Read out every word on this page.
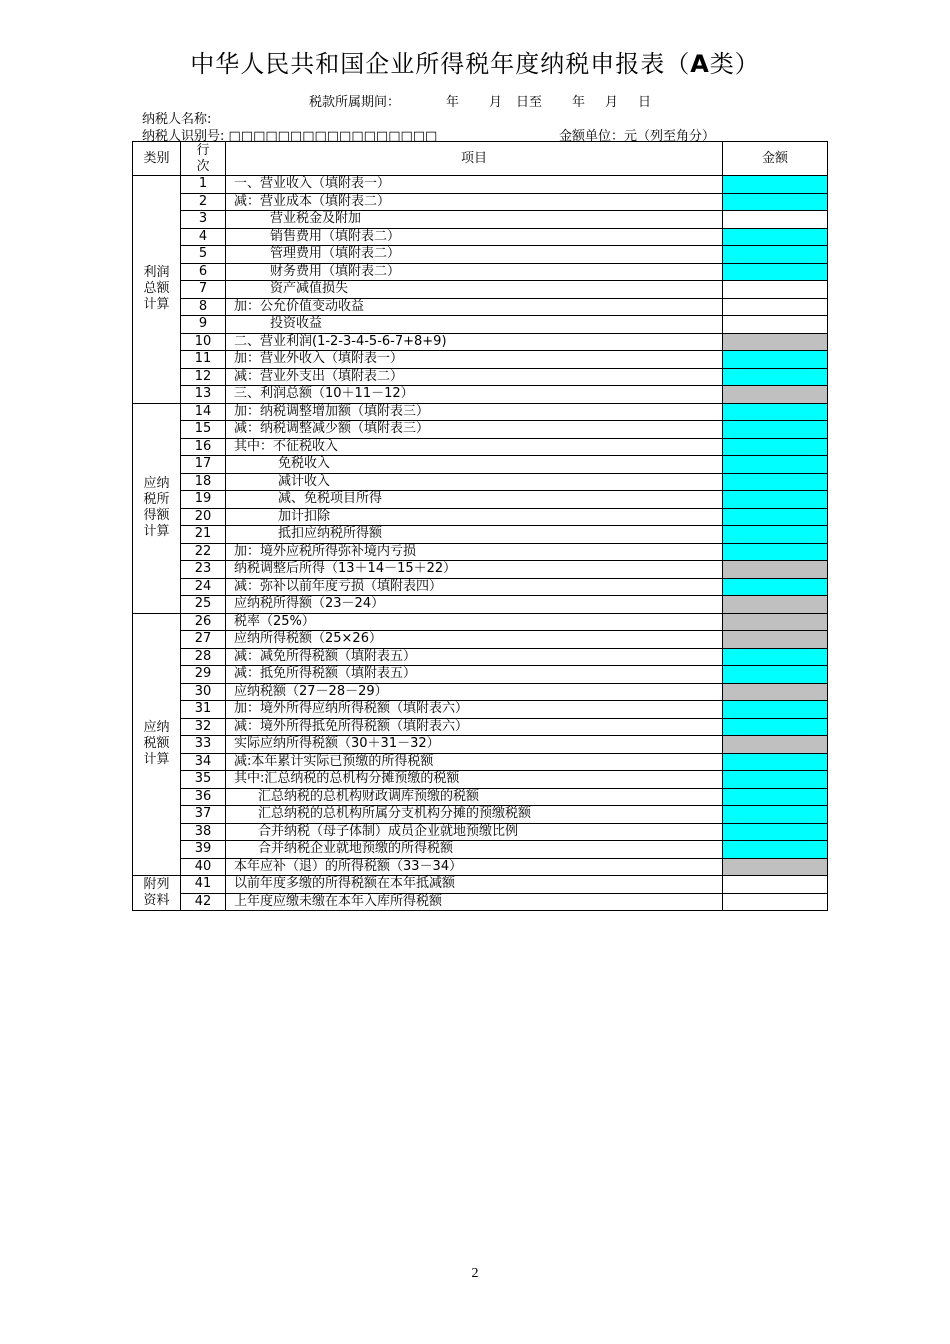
中华人民共和国企业所得税年度纳税申报表（A类）
税款所属期间：	年 月 日至 年 月 日
纳税人名称:
纳税人识别号: □□□□□□□□□□□□□□□□□	金额单位：元（列至角分）
类别	行次	项目	金额
利润
总额
计算	1	一、营业收入（填附表一）	
	2	减：营业成本（填附表二）	
	3	营业税金及附加	
	4	销售费用（填附表二）	
	5	管理费用（填附表二）	
	6	财务费用（填附表二）	
	7	资产减值损失	
	8	加：公允价值变动收益	
	9	投资收益	
	10	二、营业利润(1-2-3-4-5-6-7+8+9)	
	11	加：营业外收入（填附表一）	
	12	减：营业外支出（填附表二）	
	13	三、利润总额（10＋11－12）	
应纳
税所
得额
计算	14	加：纳税调整增加额（填附表三）	
	15	减：纳税调整减少额（填附表三）	
	16	其中：不征税收入	
	17	免税收入	
	18	减计收入	
	19	减、免税项目所得	
	20	加计扣除	
	21	抵扣应纳税所得额	
	22	加：境外应税所得弥补境内亏损	
	23	纳税调整后所得（13＋14－15＋22）	
	24	减：弥补以前年度亏损（填附表四）	
	25	应纳税所得额（23－24）	
应纳
税额
计算	26	税率（25%）	
	27	应纳所得税额（25×26）	
	28	减：减免所得税额（填附表五）	
	29	减：抵免所得税额（填附表五）	
	30	应纳税额（27－28－29）	
	31	加：境外所得应纳所得税额（填附表六）	
	32	减：境外所得抵免所得税额（填附表六）	
	33	实际应纳所得税额（30＋31－32）	
	34	减:本年累计实际已预缴的所得税额	
	35	其中:汇总纳税的总机构分摊预缴的税额	
	36	汇总纳税的总机构财政调库预缴的税额	
	37	汇总纳税的总机构所属分支机构分摊的预缴税额	
	38	合并纳税（母子体制）成员企业就地预缴比例	
	39	合并纳税企业就地预缴的所得税额	
	40	本年应补（退）的所得税额（33－34）	
附列
资料	41	以前年度多缴的所得税额在本年抵减额	
	42	上年度应缴未缴在本年入库所得税额	
2
